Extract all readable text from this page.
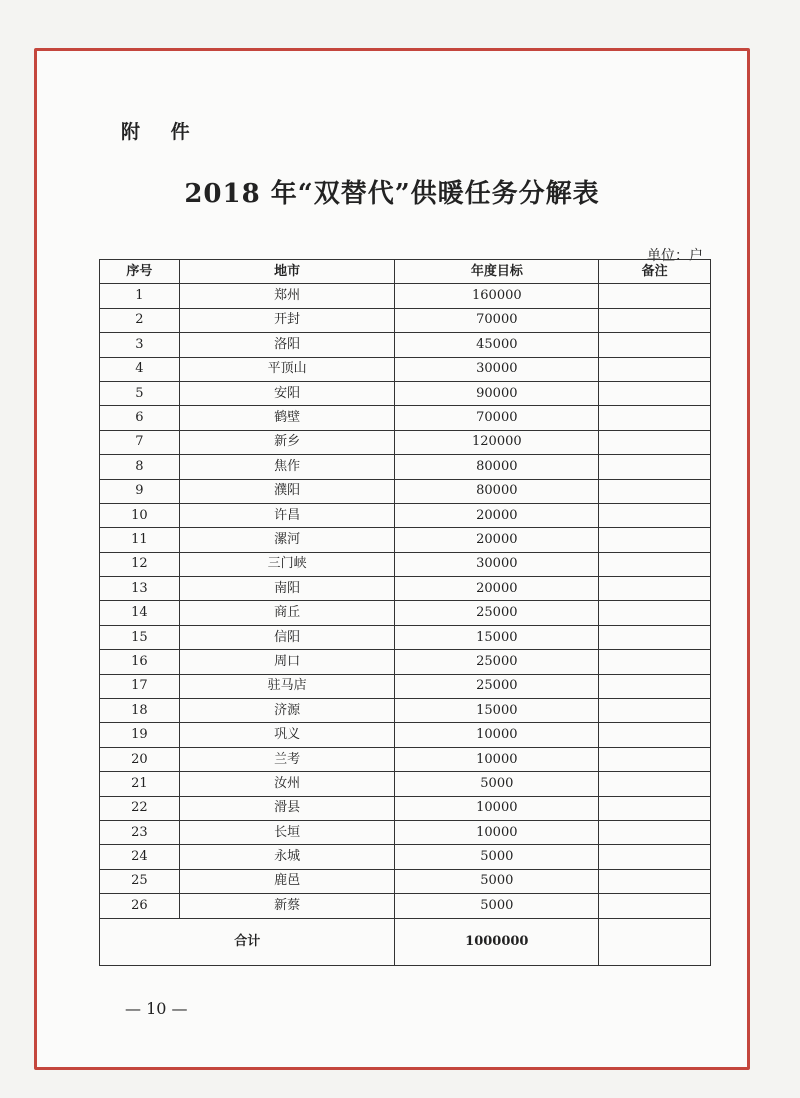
附 件
2018 年“双替代”供暖任务分解表
单位：户
序号	地市	年度目标	备注
1	郑州	160000	
2	开封	70000	
3	洛阳	45000	
4	平顶山	30000	
5	安阳	90000	
6	鹤壁	70000	
7	新乡	120000	
8	焦作	80000	
9	濮阳	80000	
10	许昌	20000	
11	漯河	20000	
12	三门峡	30000	
13	南阳	20000	
14	商丘	25000	
15	信阳	15000	
16	周口	25000	
17	驻马店	25000	
18	济源	15000	
19	巩义	10000	
20	兰考	10000	
21	汝州	5000	
22	滑县	10000	
23	长垣	10000	
24	永城	5000	
25	鹿邑	5000	
26	新蔡	5000	
合计		1000000	
— 10 —
